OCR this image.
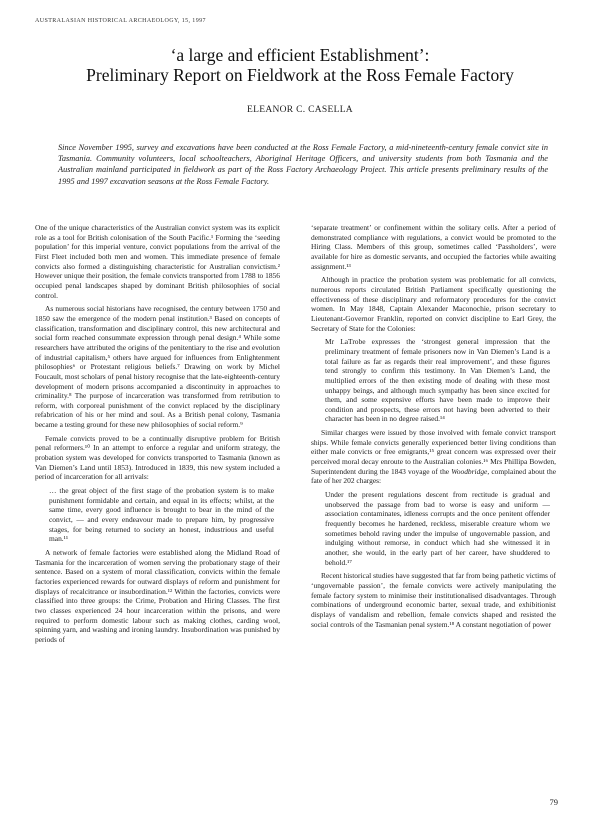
AUSTRALASIAN HISTORICAL ARCHAEOLOGY, 15, 1997
‘a large and efficient Establishment’:
Preliminary Report on Fieldwork at the Ross Female Factory
ELEANOR C. CASELLA
Since November 1995, survey and excavations have been conducted at the Ross Female Factory, a mid-nineteenth-century female convict site in Tasmania. Community volunteers, local schoolteachers, Aboriginal Heritage Officers, and university students from both Tasmania and the Australian mainland participated in fieldwork as part of the Ross Factory Archaeology Project. This article presents preliminary results of the 1995 and 1997 excavation seasons at the Ross Female Factory.

One of the unique characteristics of the Australian convict system was its explicit role as a tool for British colonisation of the South Pacific.¹ Forming the ‘seeding population’ for this imperial venture, convict populations from the arrival of the First Fleet included both men and women. This immediate presence of female convicts also formed a distinguishing characteristic for Australian convictism.² However unique their position, the female convicts transported from 1788 to 1856 occupied penal landscapes shaped by dominant British philosophies of social control.

As numerous social historians have recognised, the century between 1750 and 1850 saw the emergence of the modern penal institution.³ Based on concepts of classification, transformation and disciplinary control, this new architectural and social form reached consummate expression through penal design.⁴ While some researchers have attributed the origins of the penitentiary to the rise and evolution of industrial capitalism,⁵ others have argued for influences from Enlightenment philosophies⁶ or Protestant religious beliefs.⁷ Drawing on work by Michel Foucault, most scholars of penal history recognise that the late-eighteenth-century development of modern prisons accompanied a discontinuity in approaches to criminality.⁸ The purpose of incarceration was transformed from retribution to reform, with corporeal punishment of the convict replaced by the disciplinary refabrication of his or her mind and soul. As a British penal colony, Tasmania became a testing ground for these new philosophies of social reform.⁹

Female convicts proved to be a continually disruptive problem for British penal reformers.¹⁰ In an attempt to enforce a regular and uniform strategy, the probation system was developed for convicts transported to Tasmania (known as Van Diemen’s Land until 1853). Introduced in 1839, this new system included a period of incarceration for all arrivals:

… the great object of the first stage of the probation system is to make punishment formidable and certain, and equal in its effects; whilst, at the same time, every good influence is brought to bear in the mind of the convict, — and every endeavour made to prepare him, by progressive stages, for being returned to society an honest, industrious and useful man.¹¹

A network of female factories were established along the Midland Road of Tasmania for the incarceration of women serving the probationary stage of their sentence. Based on a system of moral classification, convicts within the female factories experienced rewards for outward displays of reform and punishment for displays of recalcitrance or insubordination.¹² Within the factories, convicts were classified into three groups: the Crime, Probation and Hiring Classes. The first two classes experienced 24 hour incarceration within the prisons, and were required to perform domestic labour such as making clothes, carding wool, spinning yarn, and washing and ironing laundry. Insubordination was punished by periods of

‘separate treatment’ or confinement within the solitary cells. After a period of demonstrated compliance with regulations, a convict would be promoted to the Hiring Class. Members of this group, sometimes called ‘Passholders’, were available for hire as domestic servants, and occupied the factories while awaiting assignment.¹³

Although in practice the probation system was problematic for all convicts, numerous reports circulated British Parliament specifically questioning the effectiveness of these disciplinary and reformatory procedures for the convict women. In May 1848, Captain Alexander Maconochie, prison secretary to Lieutenant-Governor Franklin, reported on convict discipline to Earl Grey, the Secretary of State for the Colonies:

Mr LaTrobe expresses the ‘strongest general impression that the preliminary treatment of female prisoners now in Van Diemen’s Land is a total failure as far as regards their real improvement’, and these figures tend strongly to confirm this testimony. In Van Diemen’s Land, the multiplied errors of the then existing mode of dealing with these most unhappy beings, and although much sympathy has been since excited for them, and some expensive efforts have been made to improve their condition and prospects, these errors not having been adverted to their character has been in no degree raised.¹⁴

Similar charges were issued by those involved with female convict transport ships. While female convicts generally experienced better living conditions than either male convicts or free emigrants,¹⁵ great concern was expressed over their perceived moral decay enroute to the Australian colonies.¹⁶ Mrs Phillipa Bowden, Superintendent during the 1843 voyage of the Woodbridge, complained about the fate of her 202 charges:

Under the present regulations descent from rectitude is gradual and unobserved the passage from bad to worse is easy and uniform — association contaminates, idleness corrupts and the once penitent offender frequently becomes he hardened, reckless, miserable creature whom we sometimes behold raving under the impulse of ungovernable passion, and indulging without remorse, in conduct which had she witnessed it in another, she would, in the early part of her career, have shuddered to behold.¹⁷

Recent historical studies have suggested that far from being pathetic victims of ‘ungovernable passion’, the female convicts were actively manipulating the female factory system to minimise their institutionalised disadvantages. Through combinations of underground economic barter, sexual trade, and exhibitionist displays of vandalism and rebellion, female convicts shaped and resisted the social controls of the Tasmanian penal system.¹⁸ A constant negotiation of power

79
